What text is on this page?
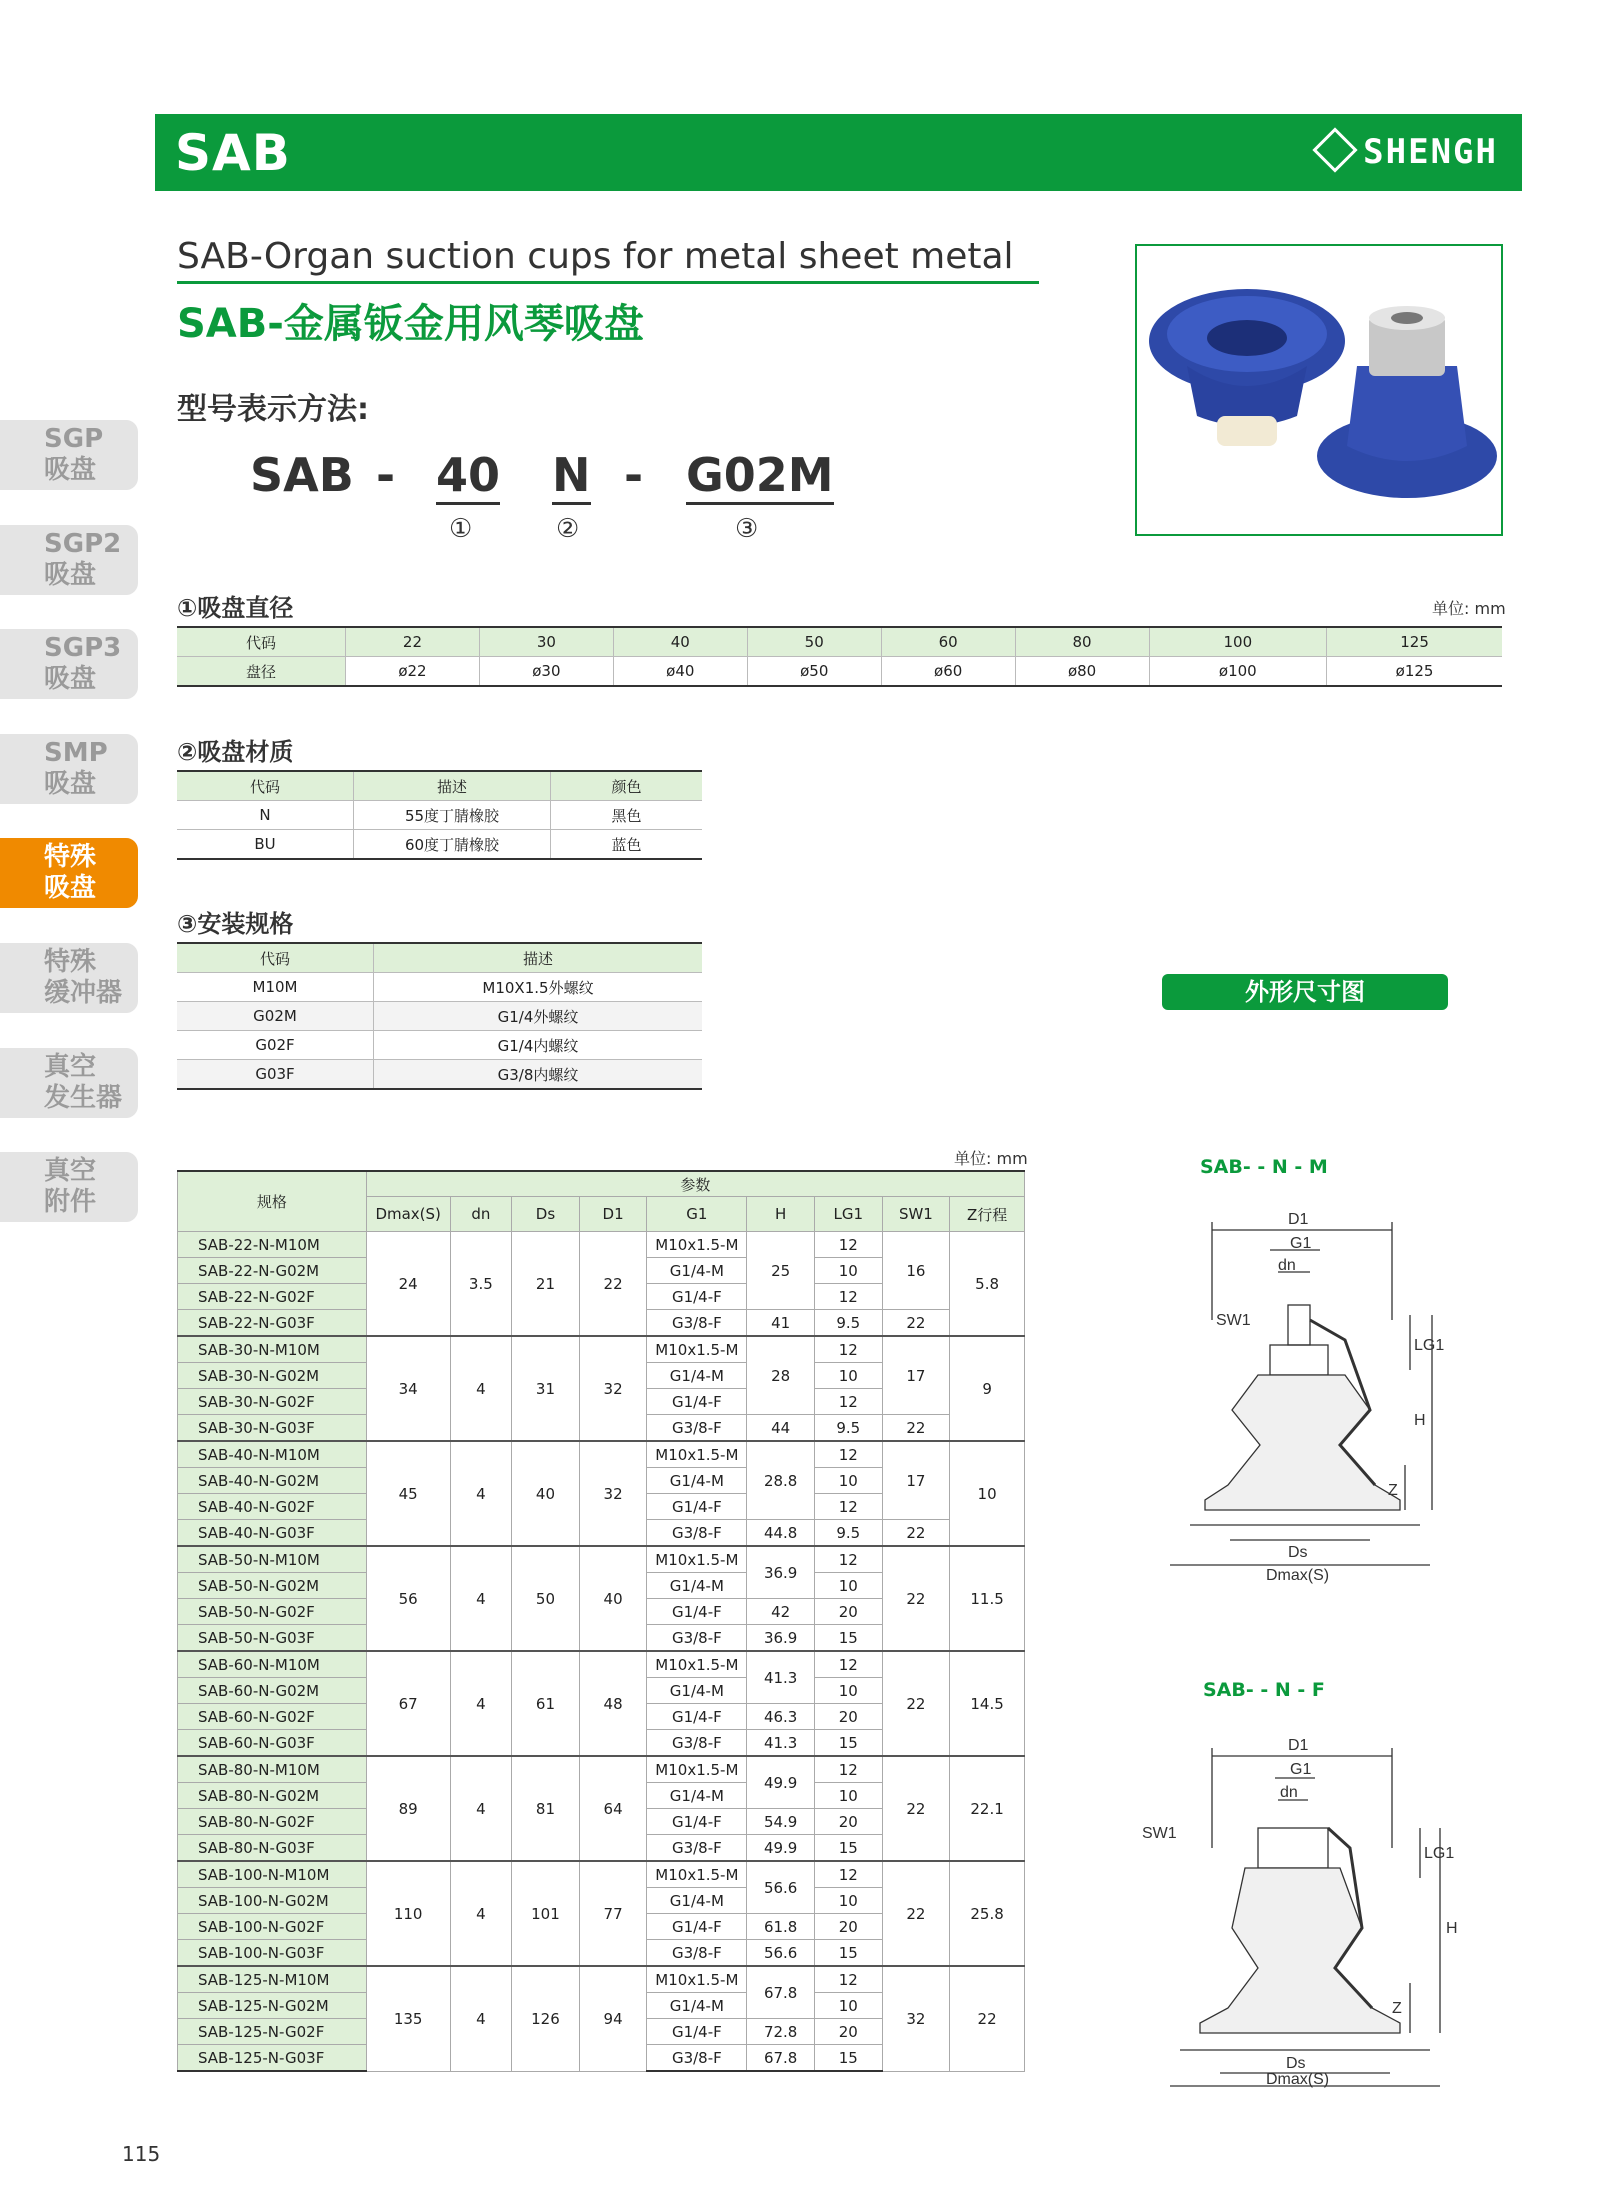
SAB	SHENGH
SAB-Organ suction cups for metal sheet metal
SAB-金属钣金用风琴吸盘
型号表示方法:
SAB - 40 N - G02M
①	②	③
SGP
吸盘
SGP2
吸盘
SGP3
吸盘
SMP
吸盘
特殊
吸盘
特殊
缓冲器
真空
发生器
真空
附件
①吸盘直径	单位: mm
代码	22	30	40	50	60	80	100	125
盘径	ø22	ø30	ø40	ø50	ø60	ø80	ø100	ø125
②吸盘材质
代码	描述	颜色
N	55度丁腈橡胶	黑色
BU	60度丁腈橡胶	蓝色
③安装规格
代码	描述
M10M	M10X1.5外螺纹
G02M	G1/4外螺纹
G02F	G1/4内螺纹
G03F	G3/8内螺纹
外形尺寸图
单位: mm
规格	参数								
	Dmax(S)	dn	Ds	D1	G1	H	LG1	SW1	Z行程
SAB-22-N-M10M	24	3.5	21	22	M10x1.5-M	25	12	16	5.8
SAB-22-N-G02M					G1/4-M		10		
SAB-22-N-G02F					G1/4-F		12		
SAB-22-N-G03F					G3/8-F	41	9.5	22	
SAB-30-N-M10M	34	4	31	32	M10x1.5-M	28	12	17	9
SAB-30-N-G02M					G1/4-M		10		
SAB-30-N-G02F					G1/4-F		12		
SAB-30-N-G03F					G3/8-F	44	9.5	22	
SAB-40-N-M10M	45	4	40	32	M10x1.5-M	28.8	12	17	10
SAB-40-N-G02M					G1/4-M		10		
SAB-40-N-G02F					G1/4-F		12		
SAB-40-N-G03F					G3/8-F	44.8	9.5	22	
SAB-50-N-M10M	56	4	50	40	M10x1.5-M	36.9	12	22	11.5
SAB-50-N-G02M					G1/4-M		10		
SAB-50-N-G02F					G1/4-F	42	20		
SAB-50-N-G03F					G3/8-F	36.9	15		
SAB-60-N-M10M	67	4	61	48	M10x1.5-M	41.3	12	22	14.5
SAB-60-N-G02M					G1/4-M		10		
SAB-60-N-G02F					G1/4-F	46.3	20		
SAB-60-N-G03F					G3/8-F	41.3	15		
SAB-80-N-M10M	89	4	81	64	M10x1.5-M	49.9	12	22	22.1
SAB-80-N-G02M					G1/4-M		10		
SAB-80-N-G02F					G1/4-F	54.9	20		
SAB-80-N-G03F					G3/8-F	49.9	15		
SAB-100-N-M10M	110	4	101	77	M10x1.5-M	56.6	12	22	25.8
SAB-100-N-G02M					G1/4-M		10		
SAB-100-N-G02F					G1/4-F	61.8	20		
SAB-100-N-G03F					G3/8-F	56.6	15		
SAB-125-N-M10M	135	4	126	94	M10x1.5-M	67.8	12	32	22
SAB-125-N-G02M					G1/4-M		10		
SAB-125-N-G02F					G1/4-F	72.8	20		
SAB-125-N-G03F					G3/8-F	67.8	15		
SAB- - N - M
D1
G1
dn
SW1
LG1
H
Z
Ds
Dmax(S)
SAB- - N - F
D1
G1
dn
SW1
LG1
H
Z
Ds
Dmax(S)
115
